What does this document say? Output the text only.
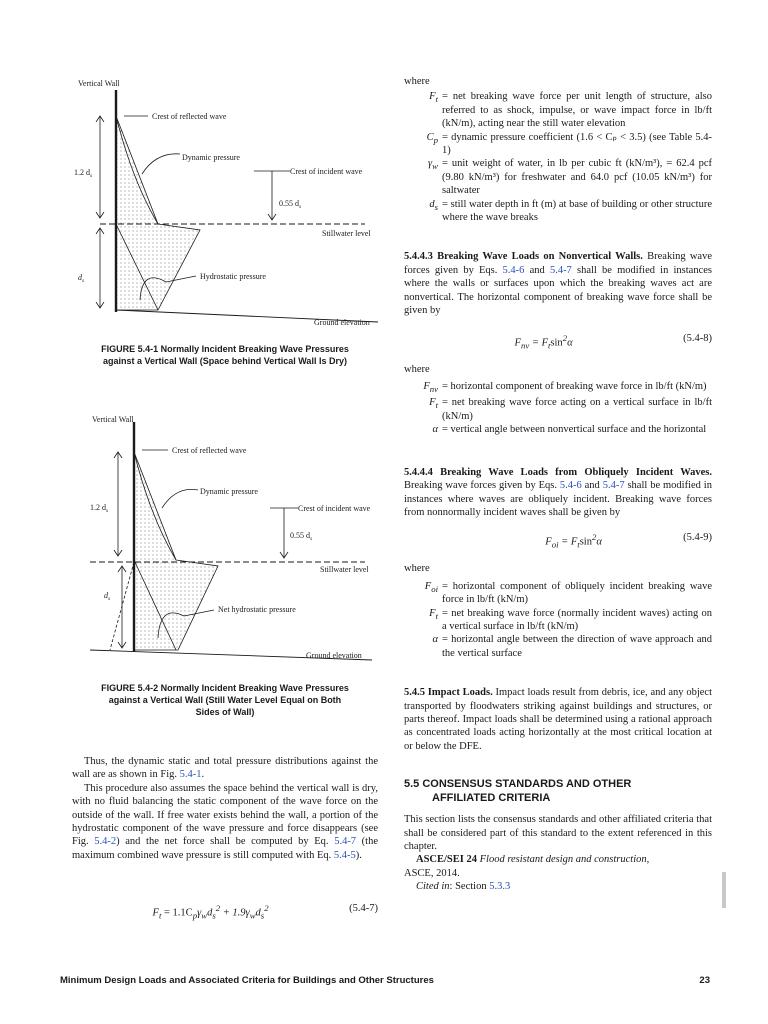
Vertical Wall
Crest of reflected wave
Dynamic pressure
Crest of incident wave
1.2 $d_s$
0.55 $d_s$
Stillwater level
$d_s$	Hydrostatic pressure
Ground elevation
FIGURE 5.4-1 Normally Incident Breaking Wave Pressures
against a Vertical Wall (Space behind Vertical Wall Is Dry)
Vertical Wall
Crest of reflected wave
Dynamic pressure
Crest of incident wave
1.2 $d_s$
0.55 $d_s$
Stillwater level
$d_s$
Net hydrostatic pressure
Ground elevation
FIGURE 5.4-2 Normally Incident Breaking Wave Pressures
against a Vertical Wall (Still Water Level Equal on Both
Sides of Wall)
Thus, the dynamic static and total pressure distributions against the wall are as shown in Fig. 5.4-1.
This procedure also assumes the space behind the vertical wall is dry, with no fluid balancing the static component of the wave force on the outside of the wall. If free water exists behind the wall, a portion of the hydrostatic component of the wave pressure and force disappears (see Fig. 5.4-2) and the net force shall be computed by Eq. 5.4-7 (the maximum combined wave pressure is still computed with Eq. 5.4-5).
$F_t = 1.1C_p\gamma_wd_s^2 + 1.9\gamma_wd_s^2$	(5.4-7)
where
$F_t$ = net breaking wave force per unit length of structure, also referred to as shock, impulse, or wave impact force in lb/ft (kN/m), acting near the still water elevation
$C_p$ = dynamic pressure coefficient (1.6 < Cₚ < 3.5) (see Table 5.4-1)
$\gamma_w$ = unit weight of water, in lb per cubic ft (kN/m³), = 62.4 pcf (9.80 kN/m³) for freshwater and 64.0 pcf (10.05 kN/m³) for saltwater
$d_s$ = still water depth in ft (m) at base of building or other structure where the wave breaks
5.4.4.3 Breaking Wave Loads on Nonvertical Walls. Breaking wave forces given by Eqs. 5.4-6 and 5.4-7 shall be modified in instances where the walls or surfaces upon which the breaking waves act are nonvertical. The horizontal component of breaking wave force shall be given by
$F_{nv} = F_t\sin^2\alpha$	(5.4-8)
where
$F_{nv}$ = horizontal component of breaking wave force in lb/ft (kN/m)
$F_t$ = net breaking wave force acting on a vertical surface in lb/ft (kN/m)
α = vertical angle between nonvertical surface and the horizontal
5.4.4.4 Breaking Wave Loads from Obliquely Incident Waves. Breaking wave forces given by Eqs. 5.4-6 and 5.4-7 shall be modified in instances where waves are obliquely incident. Breaking wave forces from nonnormally incident waves shall be given by
$F_{oi} = F_t\sin^2\alpha$	(5.4-9)
where
$F_{oi}$ = horizontal component of obliquely incident breaking wave force in lb/ft (kN/m)
$F_t$ = net breaking wave force (normally incident waves) acting on a vertical surface in lb/ft (kN/m)
α = horizontal angle between the direction of wave approach and the vertical surface
5.4.5 Impact Loads. Impact loads result from debris, ice, and any object transported by floodwaters striking against buildings and structures, or parts thereof. Impact loads shall be determined using a rational approach as concentrated loads acting horizontally at the most critical location at or below the DFE.
5.5 CONSENSUS STANDARDS AND OTHER
AFFILIATED CRITERIA
This section lists the consensus standards and other affiliated criteria that shall be considered part of this standard to the extent referenced in this chapter.
ASCE/SEI 24 Flood resistant design and construction,
ASCE, 2014.
Cited in: Section 5.3.3
Minimum Design Loads and Associated Criteria for Buildings and Other Structures	23
